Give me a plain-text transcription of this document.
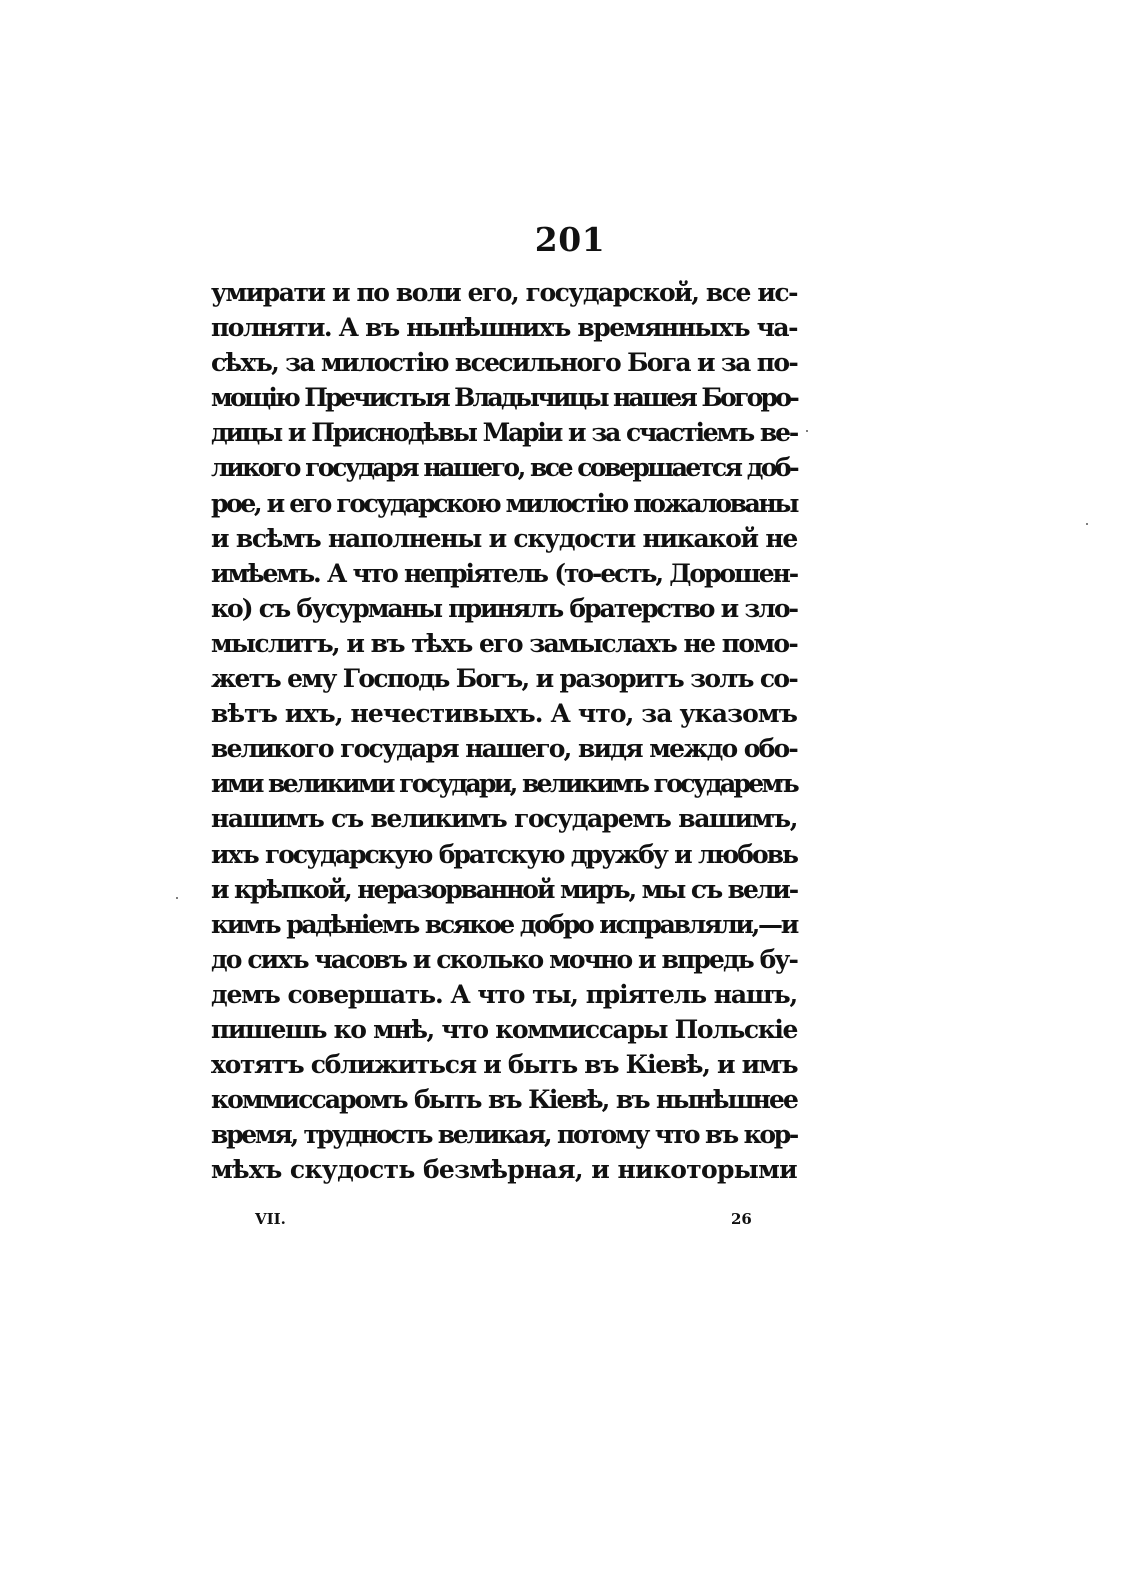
201
умирати и по воли его, государской, все ис-
полняти. А въ нынѣшнихъ времянныхъ ча-
сѣхъ, за милостію всесильного Бога и за по-
мощію Пречистыя Владычицы нашея Богоро-
дицы и Приснодѣвы Маріи и за счастіемъ ве-
ликого государя нашего, все совершается доб-
рое, и его государскою милостію пожалованы
и всѣмъ наполнены и скудости никакой не
имѣемъ. А что непріятель (то-есть, Дорошен-
ко) съ бусурманы принялъ братерство и зло-
мыслитъ, и въ тѣхъ его замыслахъ не помо-
жетъ ему Господь Богъ, и разоритъ золъ со-
вѣтъ ихъ, нечестивыхъ. А что, за указомъ
великого государя нашего, видя междо обо-
ими великими государи, великимъ государемъ
нашимъ съ великимъ государемъ вашимъ,
ихъ государскую братскую дружбу и любовь
и крѣпкой, неразорванной миръ, мы съ вели-
кимъ радѣніемъ всякое добро исправляли,—и
до сихъ часовъ и сколько мочно и впредь бу-
демъ совершать. А что ты, пріятель нашъ,
пишешь ко мнѣ, что коммиссары Польскіе
хотятъ сближиться и быть въ Кіевѣ, и имъ
коммиссаромъ быть въ Кіевѣ, въ нынѣшнее
время, трудность великая, потому что въ кор-
мѣхъ скудость безмѣрная, и никоторыми
VII.	26
